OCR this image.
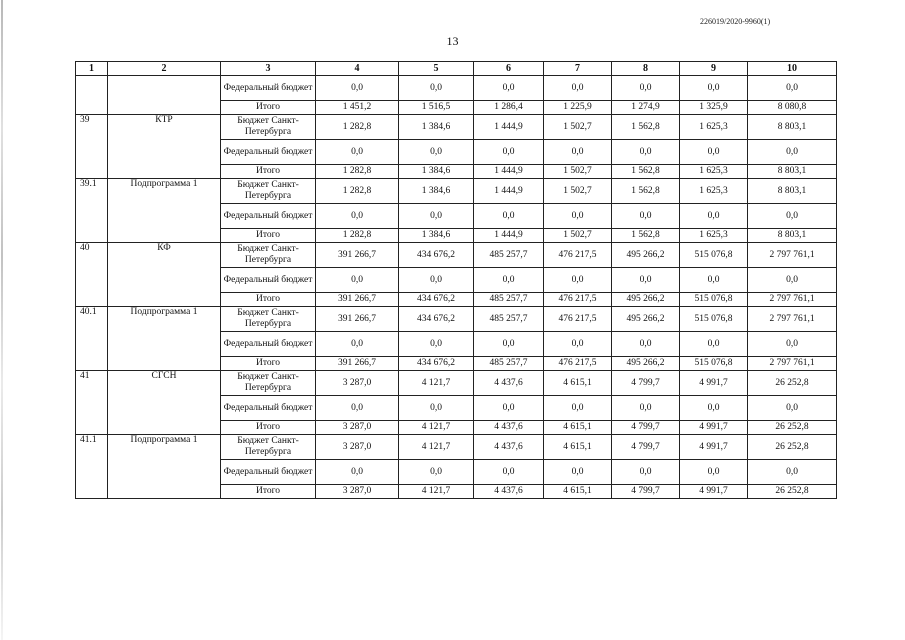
226019/2020-9960(1)
13
1	2	3	4	5	6	7	8	9	10
		Федеральный бюджет	0,0	0,0	0,0	0,0	0,0	0,0	0,0
		Итого	1 451,2	1 516,5	1 286,4	1 225,9	1 274,9	1 325,9	8 080,8
39	КТР	Бюджет Санкт-Петербурга	1 282,8	1 384,6	1 444,9	1 502,7	1 562,8	1 625,3	8 803,1
		Федеральный бюджет	0,0	0,0	0,0	0,0	0,0	0,0	0,0
		Итого	1 282,8	1 384,6	1 444,9	1 502,7	1 562,8	1 625,3	8 803,1
39.1	Подпрограмма 1	Бюджет Санкт-Петербурга	1 282,8	1 384,6	1 444,9	1 502,7	1 562,8	1 625,3	8 803,1
		Федеральный бюджет	0,0	0,0	0,0	0,0	0,0	0,0	0,0
		Итого	1 282,8	1 384,6	1 444,9	1 502,7	1 562,8	1 625,3	8 803,1
40	КФ	Бюджет Санкт-Петербурга	391 266,7	434 676,2	485 257,7	476 217,5	495 266,2	515 076,8	2 797 761,1
		Федеральный бюджет	0,0	0,0	0,0	0,0	0,0	0,0	0,0
		Итого	391 266,7	434 676,2	485 257,7	476 217,5	495 266,2	515 076,8	2 797 761,1
40.1	Подпрограмма 1	Бюджет Санкт-Петербурга	391 266,7	434 676,2	485 257,7	476 217,5	495 266,2	515 076,8	2 797 761,1
		Федеральный бюджет	0,0	0,0	0,0	0,0	0,0	0,0	0,0
		Итого	391 266,7	434 676,2	485 257,7	476 217,5	495 266,2	515 076,8	2 797 761,1
41	СГСН	Бюджет Санкт-Петербурга	3 287,0	4 121,7	4 437,6	4 615,1	4 799,7	4 991,7	26 252,8
		Федеральный бюджет	0,0	0,0	0,0	0,0	0,0	0,0	0,0
		Итого	3 287,0	4 121,7	4 437,6	4 615,1	4 799,7	4 991,7	26 252,8
41.1	Подпрограмма 1	Бюджет Санкт-Петербурга	3 287,0	4 121,7	4 437,6	4 615,1	4 799,7	4 991,7	26 252,8
		Федеральный бюджет	0,0	0,0	0,0	0,0	0,0	0,0	0,0
		Итого	3 287,0	4 121,7	4 437,6	4 615,1	4 799,7	4 991,7	26 252,8
